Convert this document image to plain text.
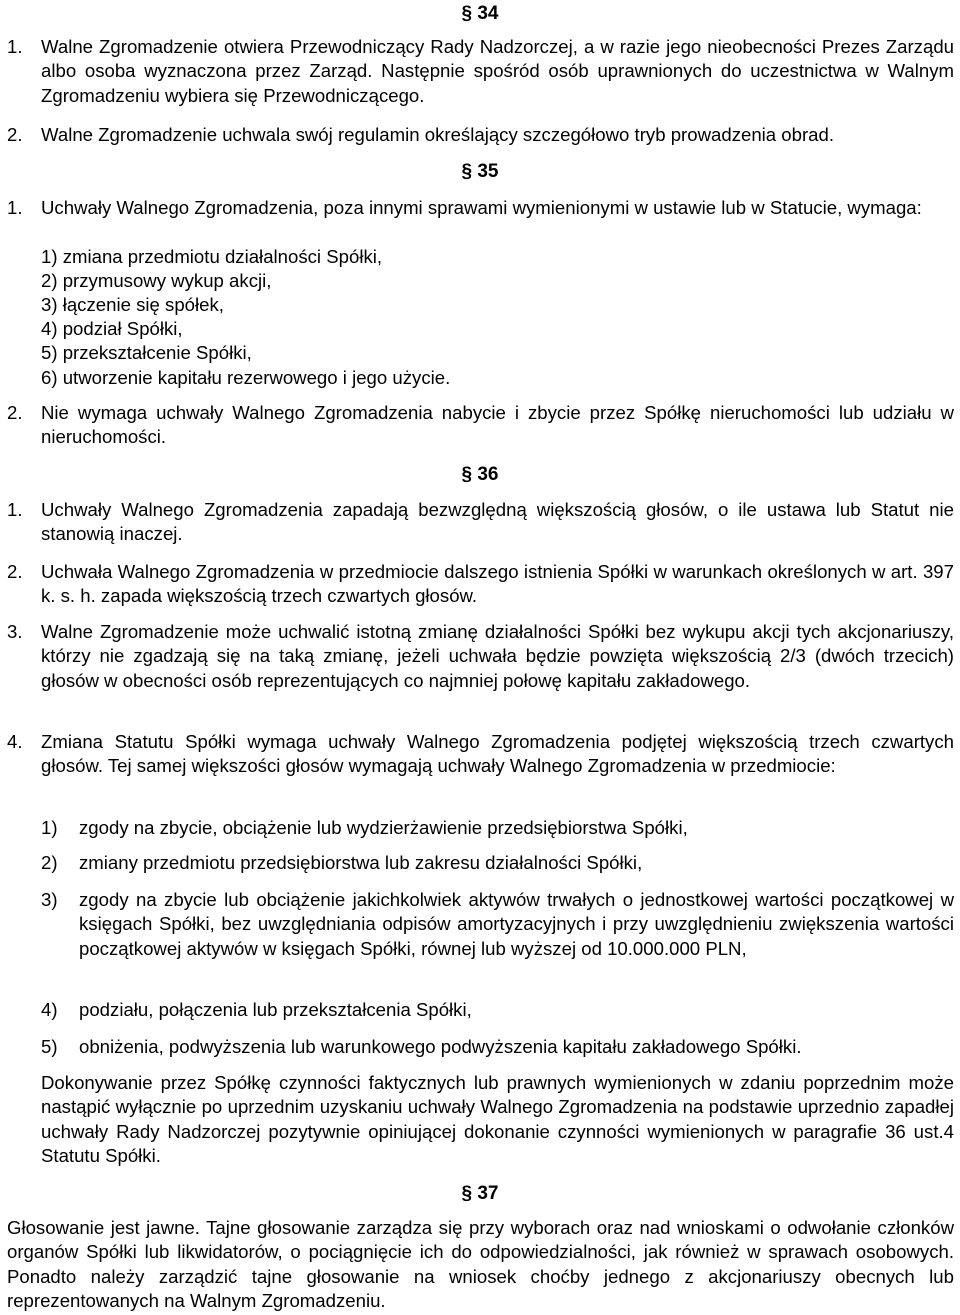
§ 34
1. Walne Zgromadzenie otwiera Przewodniczący Rady Nadzorczej, a w razie jego nieobecności Prezes Zarządu albo osoba wyznaczona przez Zarząd. Następnie spośród osób uprawnionych do uczestnictwa w Walnym Zgromadzeniu wybiera się Przewodniczącego.
2. Walne Zgromadzenie uchwala swój regulamin określający szczegółowo tryb prowadzenia obrad.
§ 35
1. Uchwały Walnego Zgromadzenia, poza innymi sprawami wymienionymi w ustawie lub w Statucie, wymaga:
1) zmiana przedmiotu działalności Spółki,
2) przymusowy wykup akcji,
3) łączenie się spółek,
4) podział Spółki,
5) przekształcenie Spółki,
6) utworzenie kapitału rezerwowego i jego użycie.
2. Nie wymaga uchwały Walnego Zgromadzenia nabycie i zbycie przez Spółkę nieruchomości lub udziału w nieruchomości.
§ 36
1. Uchwały Walnego Zgromadzenia zapadają bezwzględną większością głosów, o ile ustawa lub Statut nie stanowią inaczej.
2. Uchwała Walnego Zgromadzenia w przedmiocie dalszego istnienia Spółki w warunkach określonych w art. 397 k. s. h. zapada większością trzech czwartych głosów.
3. Walne Zgromadzenie może uchwalić istotną zmianę działalności Spółki bez wykupu akcji tych akcjonariuszy, którzy nie zgadzają się na taką zmianę, jeżeli uchwała będzie powzięta większością 2/3 (dwóch trzecich) głosów w obecności osób reprezentujących co najmniej połowę kapitału zakładowego.
4. Zmiana Statutu Spółki wymaga uchwały Walnego Zgromadzenia podjętej większością trzech czwartych głosów. Tej samej większości głosów wymagają uchwały Walnego Zgromadzenia w przedmiocie:
1) zgody na zbycie, obciążenie lub wydzierżawienie przedsiębiorstwa Spółki,
2) zmiany przedmiotu przedsiębiorstwa lub zakresu działalności Spółki,
3) zgody na zbycie lub obciążenie jakichkolwiek aktywów trwałych o jednostkowej wartości początkowej w księgach Spółki, bez uwzględniania odpisów amortyzacyjnych i przy uwzględnieniu zwiększenia wartości początkowej aktywów w księgach Spółki, równej lub wyższej od 10.000.000 PLN,
4) podziału, połączenia lub przekształcenia Spółki,
5) obniżenia, podwyższenia lub warunkowego podwyższenia kapitału zakładowego Spółki.
Dokonywanie przez Spółkę czynności faktycznych lub prawnych wymienionych w zdaniu poprzednim może nastąpić wyłącznie po uprzednim uzyskaniu uchwały Walnego Zgromadzenia na podstawie uprzednio zapadłej uchwały Rady Nadzorczej pozytywnie opiniującej dokonanie czynności wymienionych w paragrafie 36 ust.4 Statutu Spółki.
§ 37
Głosowanie jest jawne. Tajne głosowanie zarządza się przy wyborach oraz nad wnioskami o odwołanie członków organów Spółki lub likwidatorów, o pociągnięcie ich do odpowiedzialności, jak również w sprawach osobowych. Ponadto należy zarządzić tajne głosowanie na wniosek choćby jednego z akcjonariuszy obecnych lub reprezentowanych na Walnym Zgromadzeniu.
